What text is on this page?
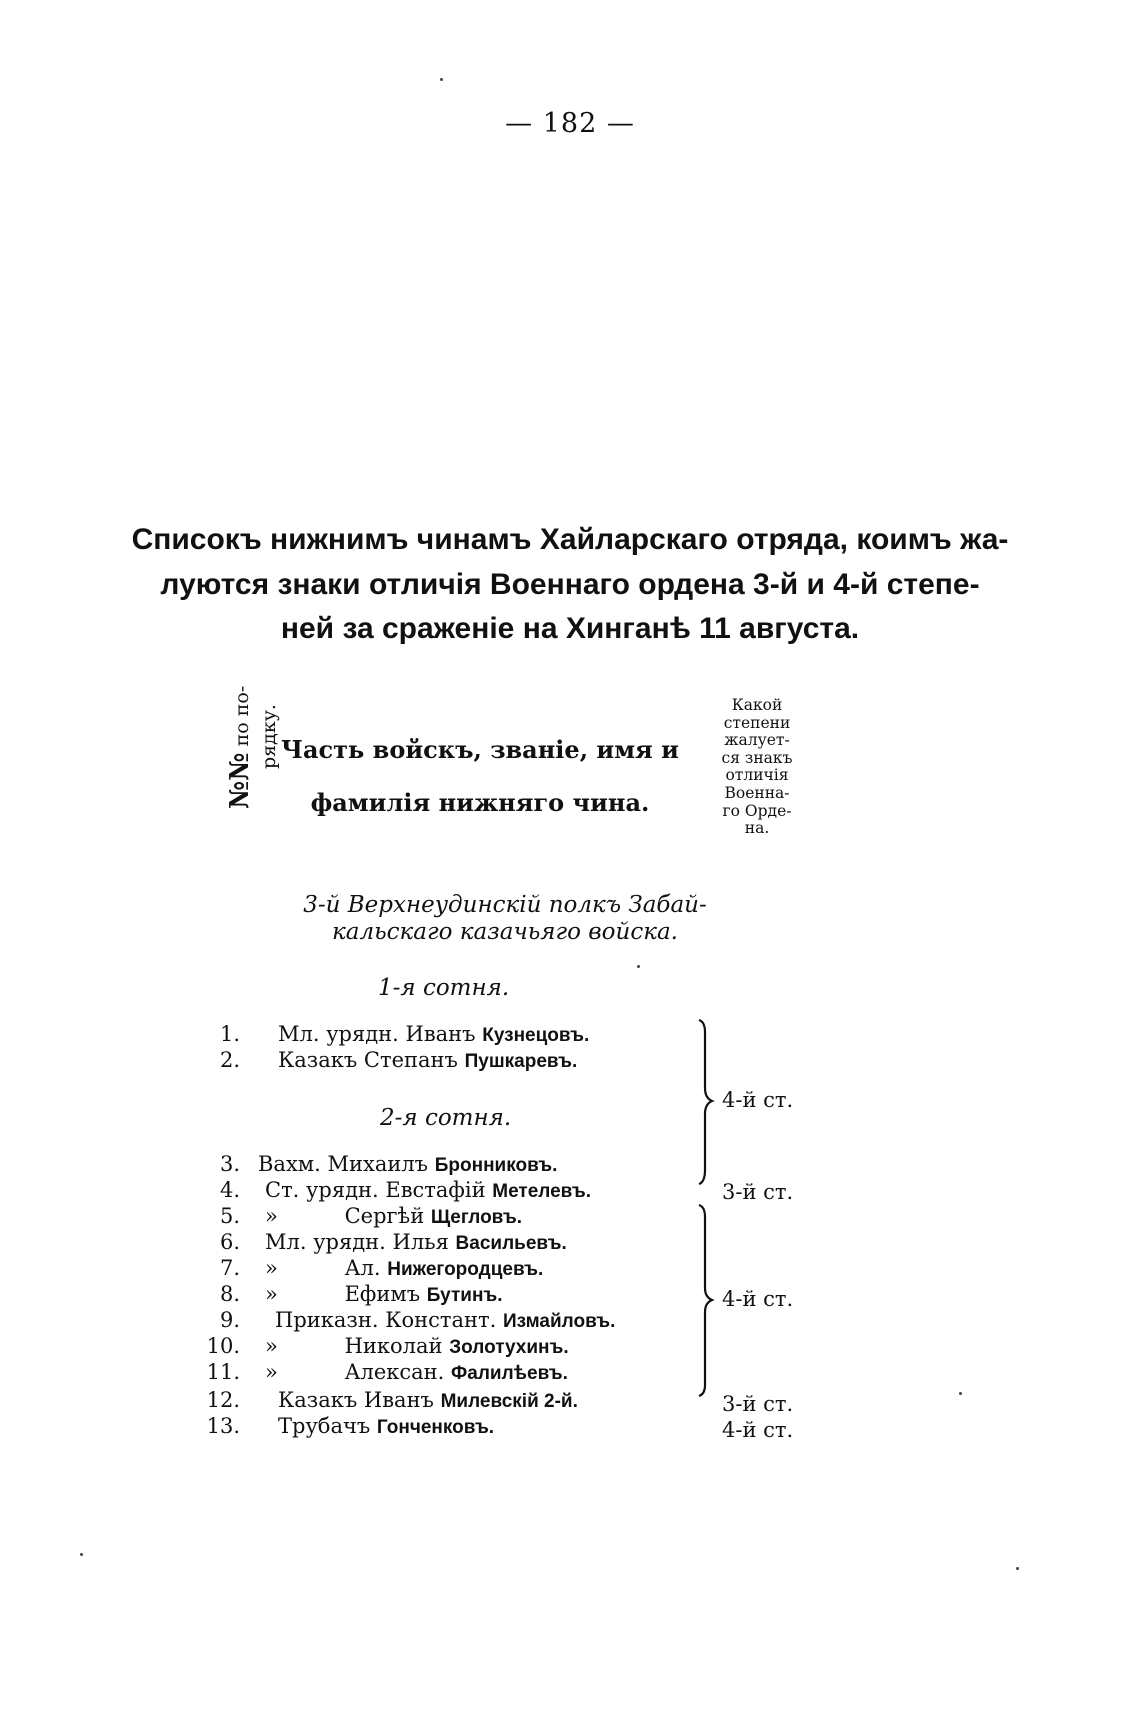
— 182 —
Списокъ нижнимъ чинамъ Хайларскаго отряда, коимъ жа-
луются знаки отличія Военнаго ордена 3-й и 4-й степе-
ней за сраженіе на Хинганѣ 11 августа.
№№ по по- рядку. Часть войскъ, званіе, имя и
фамилія нижняго чина.
Какой
степени
жалует-
ся знакъ
отличія
Военна-
го Орде-
на.
3-й Верхнеудинскій полкъ Забай-
кальскаго казачьяго войска.
1-я сотня.
2-я сотня.
1. Мл. урядн. Иванъ Кузнецовъ.
2. Казакъ Степанъ Пушкаревъ.
3. Вахм. Михаилъ Бронниковъ.
4. Ст. урядн. Евстафій Метелевъ.
5. »          Сергѣй Щегловъ.
6. Мл. урядн. Илья Васильевъ.
7. »          Ал. Нижегородцевъ.
8. »          Ефимъ Бутинъ.
9. Приказн. Констант. Измайловъ.
10. »          Николай Золотухинъ.
11. »          Алексан. Фалилѣевъ.
12. Казакъ Иванъ Милевскій 2-й.
13. Трубачъ Гонченковъ.
4-й ст.
3-й ст.
4-й ст.
3-й ст.
4-й ст.
